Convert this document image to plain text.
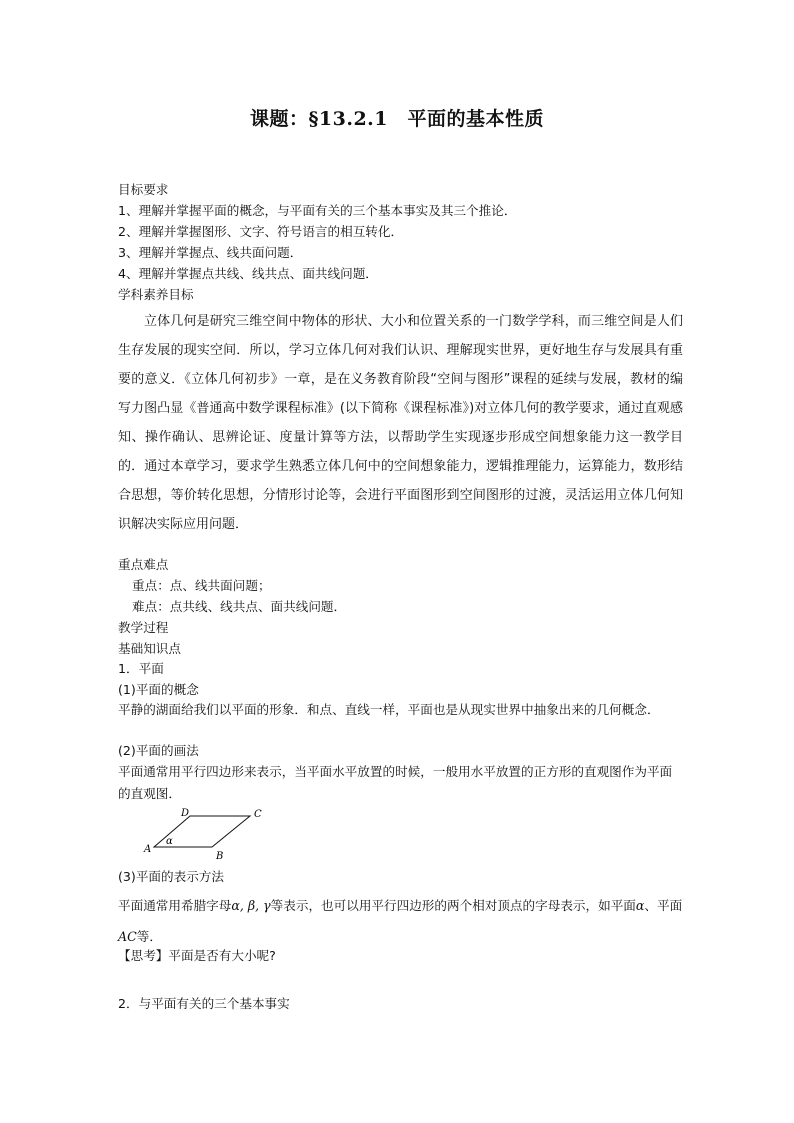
课题：§13.2.1　平面的基本性质
目标要求
1、理解并掌握平面的概念，与平面有关的三个基本事实及其三个推论．
2、理解并掌握图形、文字、符号语言的相互转化．
3、理解并掌握点、线共面问题．
4、理解并掌握点共线、线共点、面共线问题．
学科素养目标
立体几何是研究三维空间中物体的形状、大小和位置关系的一门数学学科，而三维空间是人们生存发展的现实空间．所以，学习立体几何对我们认识、理解现实世界，更好地生存与发展具有重要的意义．《立体几何初步》一章，是在义务教育阶段“空间与图形”课程的延续与发展，教材的编写力图凸显《普通高中数学课程标准》(以下简称《课程标准》)对立体几何的教学要求，通过直观感知、操作确认、思辨论证、度量计算等方法，以帮助学生实现逐步形成空间想象能力这一教学目的．通过本章学习，要求学生熟悉立体几何中的空间想象能力，逻辑推理能力，运算能力，数形结合思想，等价转化思想，分情形讨论等，会进行平面图形到空间图形的过渡，灵活运用立体几何知识解决实际应用问题．
重点难点
重点：点、线共面问题；
难点：点共线、线共点、面共线问题．
教学过程
基础知识点
1．平面
(1)平面的概念
平静的湖面给我们以平面的形象．和点、直线一样，平面也是从现实世界中抽象出来的几何概念．
(2)平面的画法
平面通常用平行四边形来表示，当平面水平放置的时候，一般用水平放置的正方形的直观图作为平面的直观图．
A
B
C
D
α
(3)平面的表示方法
平面通常用希腊字母α, β, γ等表示，也可以用平行四边形的两个相对顶点的字母表示，如平面α、平面AC等．
【思考】平面是否有大小呢?
2．与平面有关的三个基本事实
